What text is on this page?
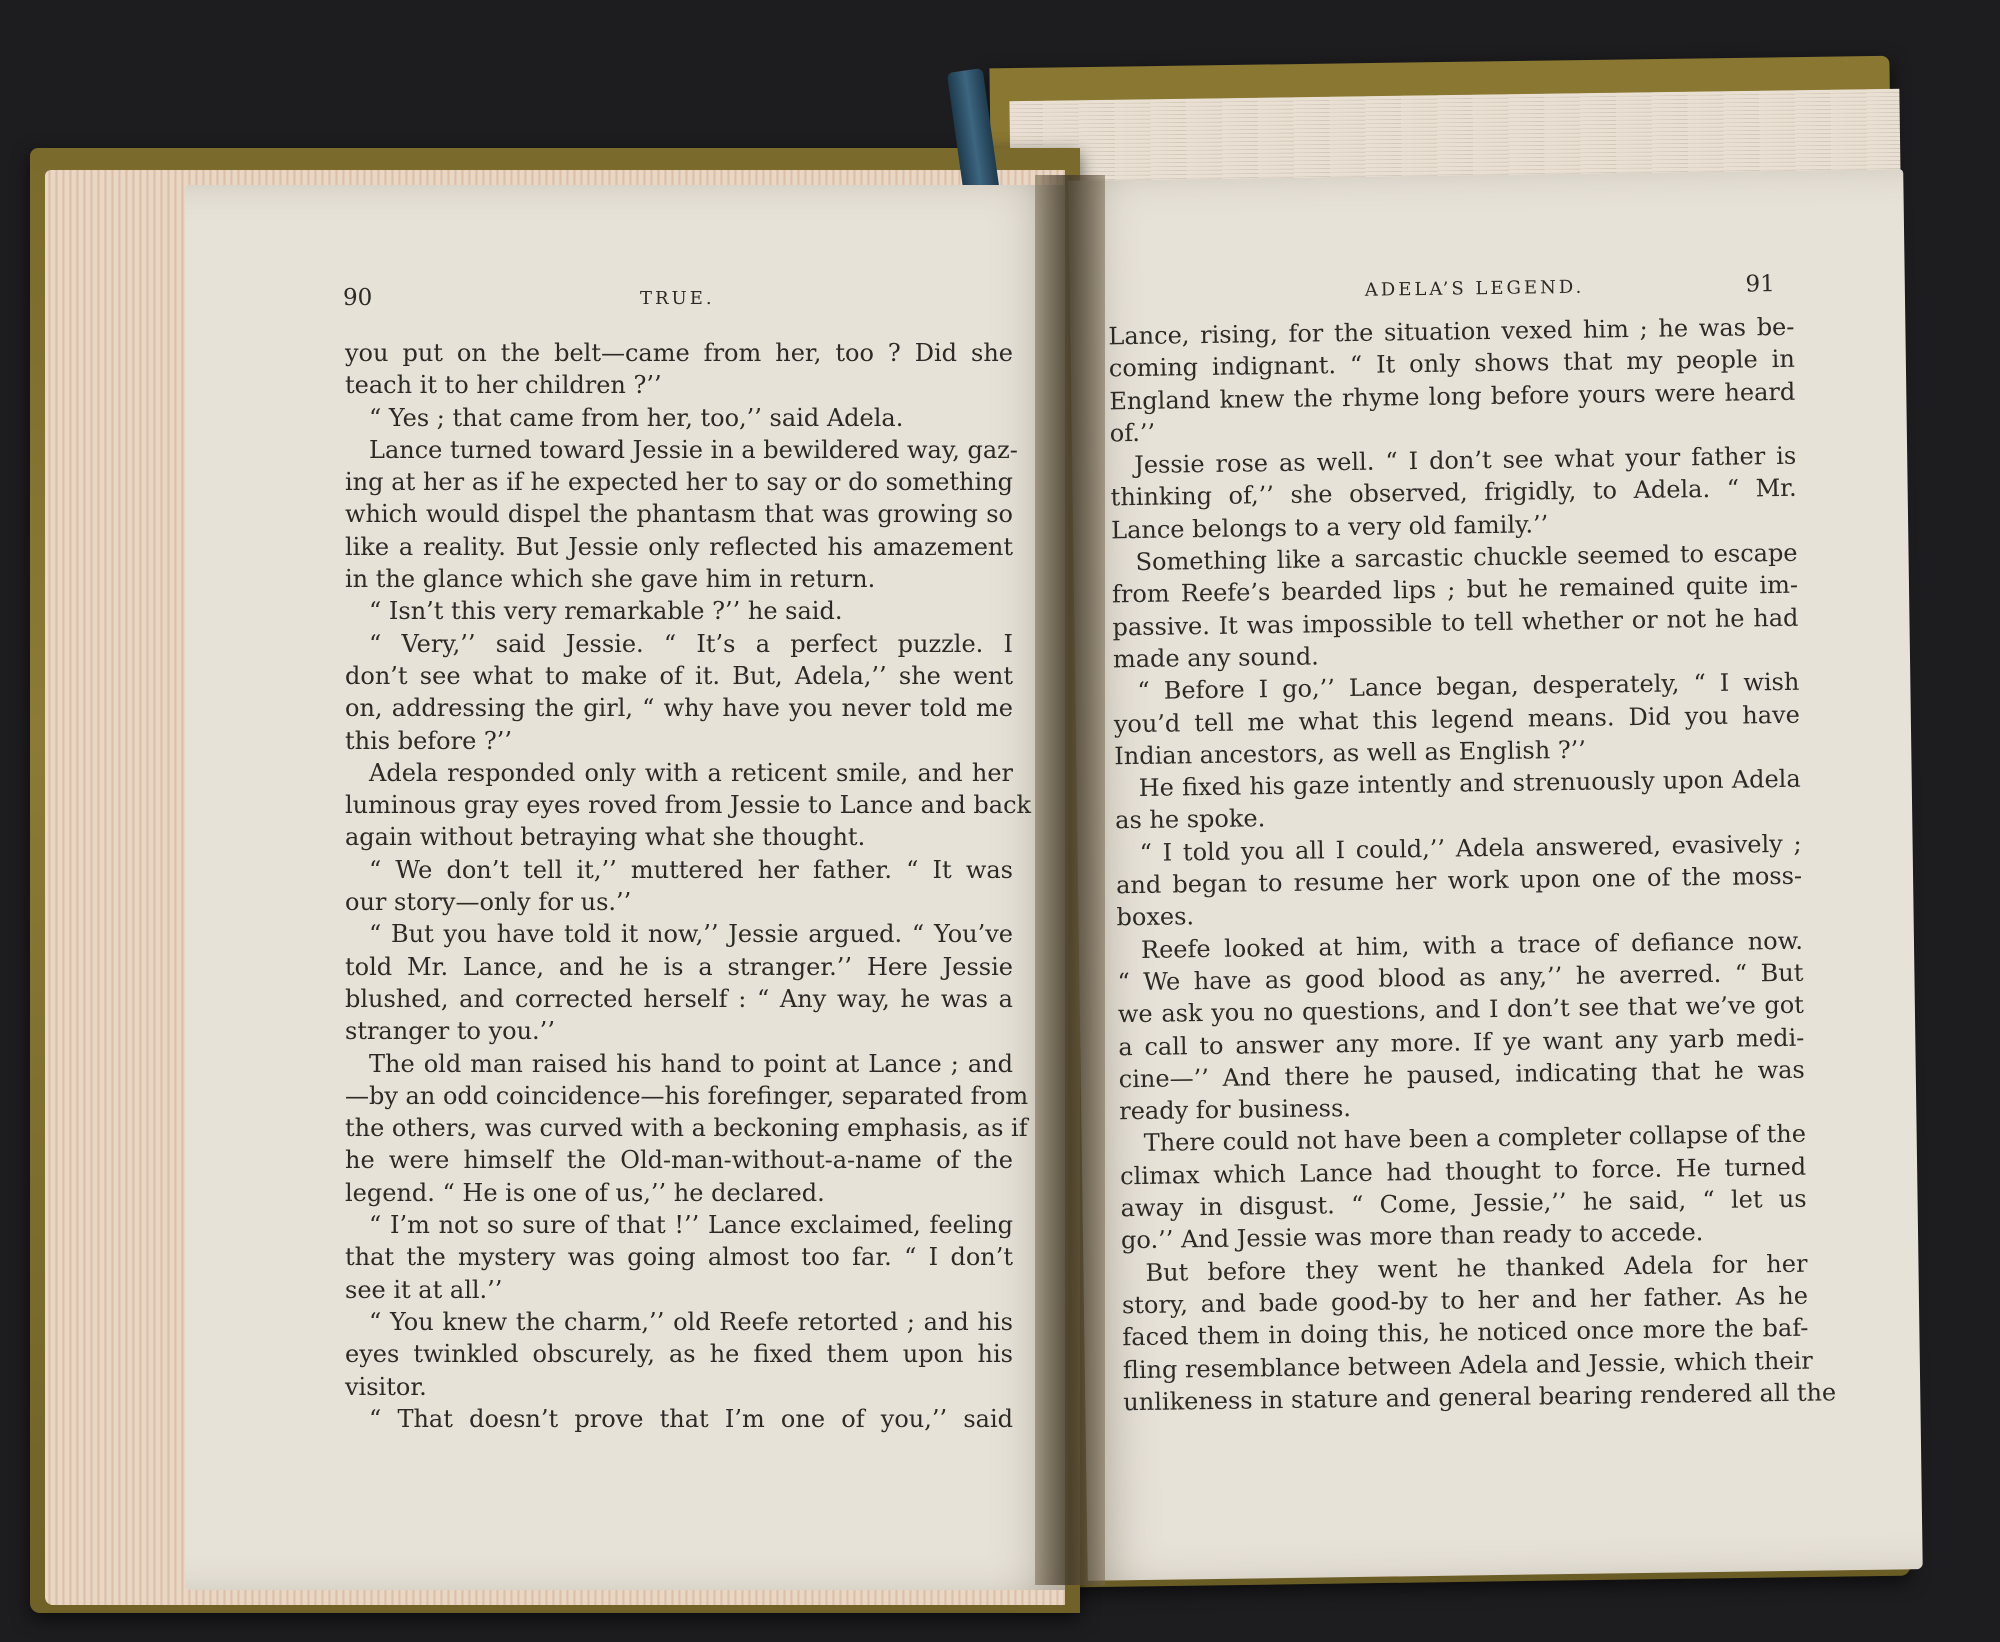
90	TRUE.
you put on the belt—came from her, too ? Did she
teach it to her children ?’’
“ Yes ; that came from her, too,’’ said Adela.
Lance turned toward Jessie in a bewildered way, gaz-
ing at her as if he expected her to say or do something
which would dispel the phantasm that was growing so
like a reality. But Jessie only reflected his amazement
in the glance which she gave him in return.
“ Isn’t this very remarkable ?’’ he said.
“ Very,’’ said Jessie. “ It’s a perfect puzzle. I
don’t see what to make of it. But, Adela,’’ she went
on, addressing the girl, “ why have you never told me
this before ?’’
Adela responded only with a reticent smile, and her
luminous gray eyes roved from Jessie to Lance and back
again without betraying what she thought.
“ We don’t tell it,’’ muttered her father. “ It was
our story—only for us.’’
“ But you have told it now,’’ Jessie argued. “ You’ve
told Mr. Lance, and he is a stranger.’’ Here Jessie
blushed, and corrected herself : “ Any way, he was a
stranger to you.’’
The old man raised his hand to point at Lance ; and
—by an odd coincidence—his forefinger, separated from
the others, was curved with a beckoning emphasis, as if
he were himself the Old-man-without-a-name of the
legend. “ He is one of us,’’ he declared.
“ I’m not so sure of that !’’ Lance exclaimed, feeling
that the mystery was going almost too far. “ I don’t
see it at all.’’
“ You knew the charm,’’ old Reefe retorted ; and his
eyes twinkled obscurely, as he fixed them upon his
visitor.
“ That doesn’t prove that I’m one of you,’’ said
ADELA’S LEGEND.	91
Lance, rising, for the situation vexed him ; he was be-
coming indignant. “ It only shows that my people in
England knew the rhyme long before yours were heard
of.’’
Jessie rose as well. “ I don’t see what your father is
thinking of,’’ she observed, frigidly, to Adela. “ Mr.
Lance belongs to a very old family.’’
Something like a sarcastic chuckle seemed to escape
from Reefe’s bearded lips ; but he remained quite im-
passive. It was impossible to tell whether or not he had
made any sound.
“ Before I go,’’ Lance began, desperately, “ I wish
you’d tell me what this legend means. Did you have
Indian ancestors, as well as English ?’’
He fixed his gaze intently and strenuously upon Adela
as he spoke.
“ I told you all I could,’’ Adela answered, evasively ;
and began to resume her work upon one of the moss-
boxes.
Reefe looked at him, with a trace of defiance now.
“ We have as good blood as any,’’ he averred. “ But
we ask you no questions, and I don’t see that we’ve got
a call to answer any more. If ye want any yarb medi-
cine—’’ And there he paused, indicating that he was
ready for business.
There could not have been a completer collapse of the
climax which Lance had thought to force. He turned
away in disgust. “ Come, Jessie,’’ he said, “ let us
go.’’ And Jessie was more than ready to accede.
But before they went he thanked Adela for her
story, and bade good-by to her and her father. As he
faced them in doing this, he noticed once more the baf-
fling resemblance between Adela and Jessie, which their
unlikeness in stature and general bearing rendered all the
